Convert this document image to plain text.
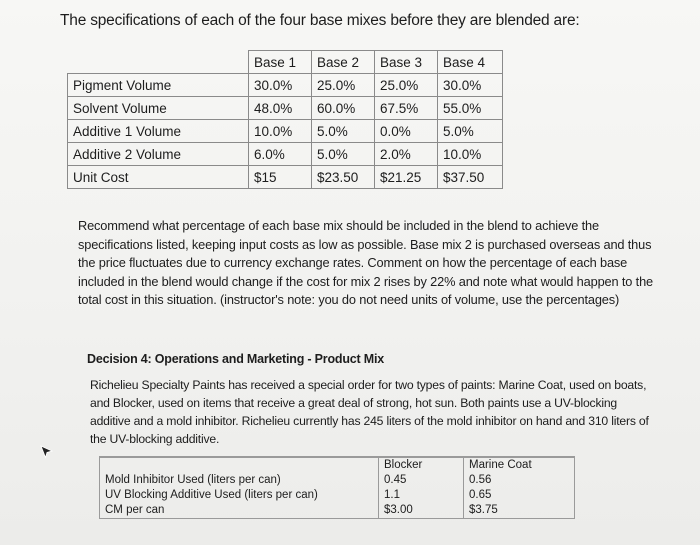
The specifications of each of the four base mixes before they are blended are:
	Base 1	Base 2	Base 3	Base 4
Pigment Volume	30.0%	25.0%	25.0%	30.0%
Solvent Volume	48.0%	60.0%	67.5%	55.0%
Additive 1 Volume	10.0%	5.0%	0.0%	5.0%
Additive 2 Volume	6.0%	5.0%	2.0%	10.0%
Unit Cost	$15	$23.50	$21.25	$37.50
Recommend what percentage of each base mix should be included in the blend to achieve the specifications listed, keeping input costs as low as possible. Base mix 2 is purchased overseas and thus the price fluctuates due to currency exchange rates. Comment on how the percentage of each base included in the blend would change if the cost for mix 2 rises by 22% and note what would happen to the total cost in this situation. (instructor's note: you do not need units of volume, use the percentages)
Decision 4: Operations and Marketing - Product Mix
Richelieu Specialty Paints has received a special order for two types of paints: Marine Coat, used on boats, and Blocker, used on items that receive a great deal of strong, hot sun. Both paints use a UV-blocking additive and a mold inhibitor. Richelieu currently has 245 liters of the mold inhibitor on hand and 310 liters of the UV-blocking additive.
	Blocker	Marine Coat
Mold Inhibitor Used (liters per can)	0.45	0.56
UV Blocking Additive Used (liters per can)	1.1	0.65
CM per can	$3.00	$3.75
